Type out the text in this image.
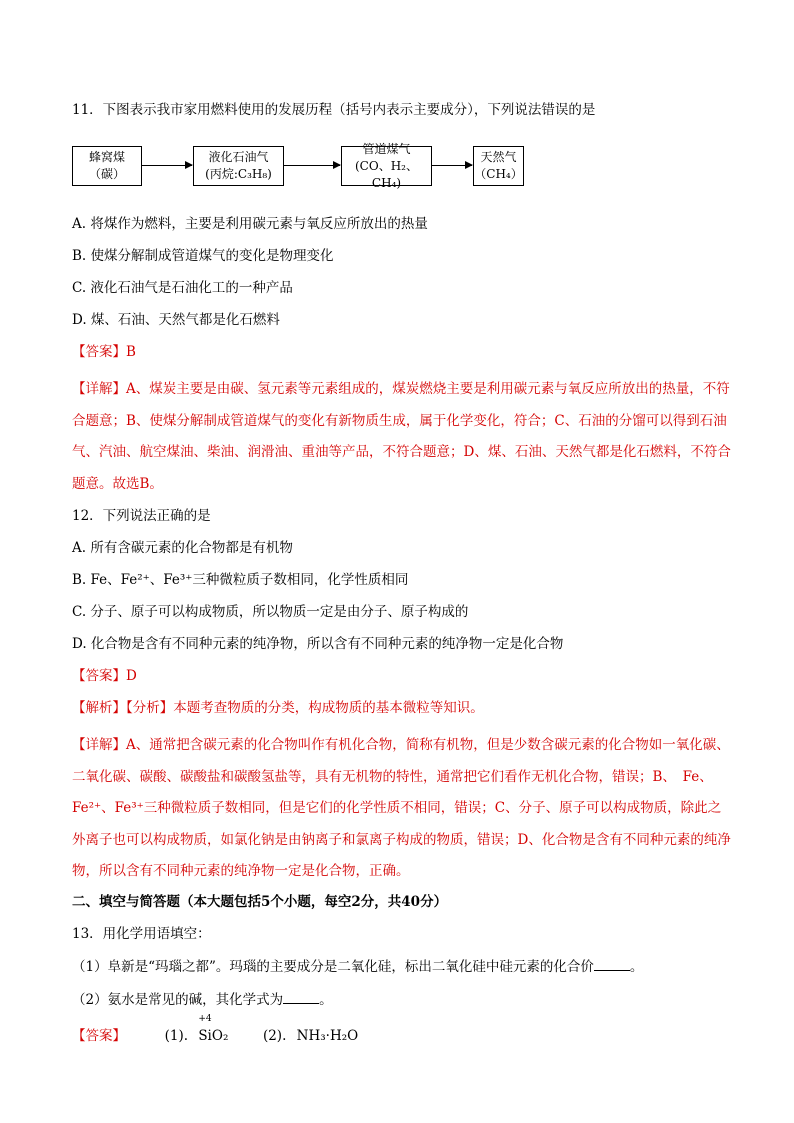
11．下图表示我市家用燃料使用的发展历程（括号内表示主要成分），下列说法错误的是
蜂窝煤
（碳）
液化石油气
(丙烷:C₃H₈)
管道煤气
(CO、H₂、CH₄)
天然气
（CH₄）
A. 将煤作为燃料，主要是利用碳元素与氧反应所放出的热量
B. 使煤分解制成管道煤气的变化是物理变化
C. 液化石油气是石油化工的一种产品
D. 煤、石油、天然气都是化石燃料
【答案】B
【详解】A、煤炭主要是由碳、氢元素等元素组成的，煤炭燃烧主要是利用碳元素与氧反应所放出的热量，不符合题意；B、使煤分解制成管道煤气的变化有新物质生成，属于化学变化，符合；C、石油的分馏可以得到石油气、汽油、航空煤油、柴油、润滑油、重油等产品，不符合题意；D、煤、石油、天然气都是化石燃料，不符合题意。故选B。
12．下列说法正确的是
A. 所有含碳元素的化合物都是有机物
B. Fe、Fe²⁺、Fe³⁺三种微粒质子数相同，化学性质相同
C. 分子、原子可以构成物质，所以物质一定是由分子、原子构成的
D. 化合物是含有不同种元素的纯净物，所以含有不同种元素的纯净物一定是化合物
【答案】D
【解析】【分析】本题考查物质的分类，构成物质的基本微粒等知识。
【详解】A、通常把含碳元素的化合物叫作有机化合物，简称有机物，但是少数含碳元素的化合物如一氧化碳、二氧化碳、碳酸、碳酸盐和碳酸氢盐等，具有无机物的特性，通常把它们看作无机化合物，错误；B、　Fe、Fe²⁺、Fe³⁺三种微粒质子数相同，但是它们的化学性质不相同，错误；C、分子、原子可以构成物质，除此之外离子也可以构成物质，如氯化钠是由钠离子和氯离子构成的物质，错误；D、化合物是含有不同种元素的纯净物，所以含有不同种元素的纯净物一定是化合物，正确。
二、填空与简答题（本大题包括5个小题，每空2分，共40分）
13．用化学用语填空：
（1）阜新是“玛瑙之都”。玛瑙的主要成分是二氧化硅，标出二氧化硅中硅元素的化合价	。
（2）氨水是常见的碱，其化学式为	。
【答案】	(1).
+4
SiO₂	(2). NH₃·H₂O
